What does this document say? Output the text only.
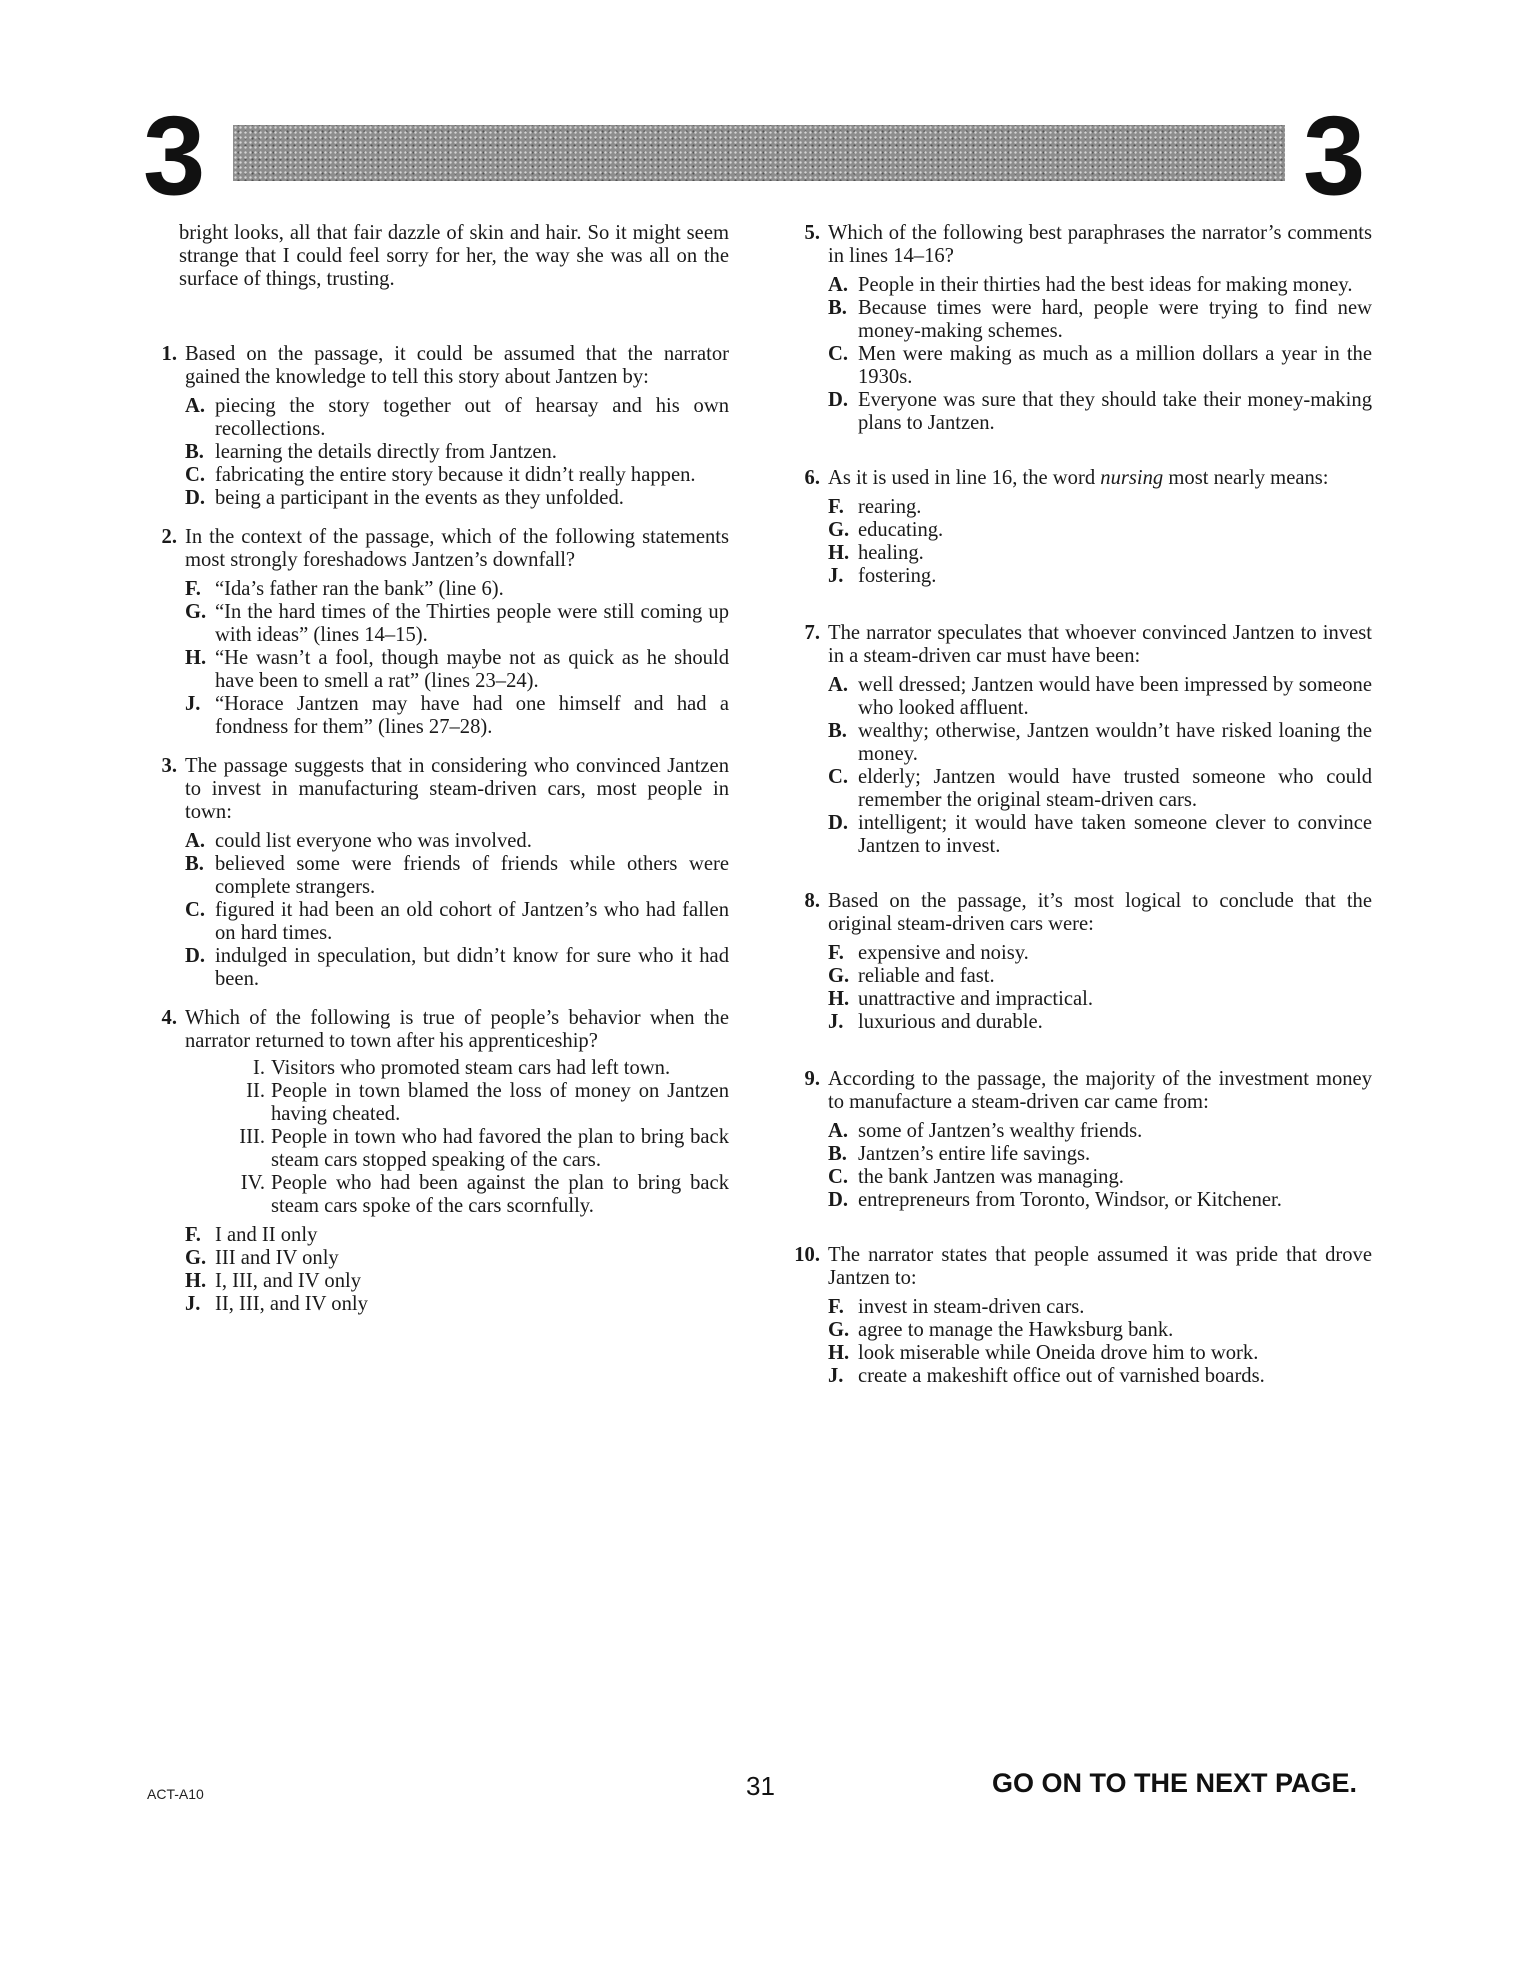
3	3

bright looks, all that fair dazzle of skin and hair. So it might seem strange that I could feel sorry for her, the way she was all on the surface of things, trusting.

1. Based on the passage, it could be assumed that the narrator gained the knowledge to tell this story about Jantzen by:
A. piecing the story together out of hearsay and his own recollections.
B. learning the details directly from Jantzen.
C. fabricating the entire story because it didn’t really happen.
D. being a participant in the events as they unfolded.
2. In the context of the passage, which of the following statements most strongly foreshadows Jantzen’s downfall?
F. “Ida’s father ran the bank” (line 6).
G. “In the hard times of the Thirties people were still coming up with ideas” (lines 14–15).
H. “He wasn’t a fool, though maybe not as quick as he should have been to smell a rat” (lines 23–24).
J. “Horace Jantzen may have had one himself and had a fondness for them” (lines 27–28).
3. The passage suggests that in considering who convinced Jantzen to invest in manufacturing steam-driven cars, most people in town:
A. could list everyone who was involved.
B. believed some were friends of friends while others were complete strangers.
C. figured it had been an old cohort of Jantzen’s who had fallen on hard times.
D. indulged in speculation, but didn’t know for sure who it had been.
4. Which of the following is true of people’s behavior when the narrator returned to town after his apprenticeship?
I. Visitors who promoted steam cars had left town.
II. People in town blamed the loss of money on Jantzen having cheated.
III. People in town who had favored the plan to bring back steam cars stopped speaking of the cars.
IV. People who had been against the plan to bring back steam cars spoke of the cars scornfully.
F. I and II only
G. III and IV only
H. I, III, and IV only
J. II, III, and IV only
5. Which of the following best paraphrases the narrator’s comments in lines 14–16?
A. People in their thirties had the best ideas for making money.
B. Because times were hard, people were trying to find new money-making schemes.
C. Men were making as much as a million dollars a year in the 1930s.
D. Everyone was sure that they should take their money-making plans to Jantzen.
6. As it is used in line 16, the word nursing most nearly means:
F. rearing.
G. educating.
H. healing.
J. fostering.
7. The narrator speculates that whoever convinced Jantzen to invest in a steam-driven car must have been:
A. well dressed; Jantzen would have been impressed by someone who looked affluent.
B. wealthy; otherwise, Jantzen wouldn’t have risked loaning the money.
C. elderly; Jantzen would have trusted someone who could remember the original steam-driven cars.
D. intelligent; it would have taken someone clever to convince Jantzen to invest.
8. Based on the passage, it’s most logical to conclude that the original steam-driven cars were:
F. expensive and noisy.
G. reliable and fast.
H. unattractive and impractical.
J. luxurious and durable.
9. According to the passage, the majority of the investment money to manufacture a steam-driven car came from:
A. some of Jantzen’s wealthy friends.
B. Jantzen’s entire life savings.
C. the bank Jantzen was managing.
D. entrepreneurs from Toronto, Windsor, or Kitchener.
10. The narrator states that people assumed it was pride that drove Jantzen to:
F. invest in steam-driven cars.
G. agree to manage the Hawksburg bank.
H. look miserable while Oneida drove him to work.
J. create a makeshift office out of varnished boards.
ACT-A10	31	GO ON TO THE NEXT PAGE.
